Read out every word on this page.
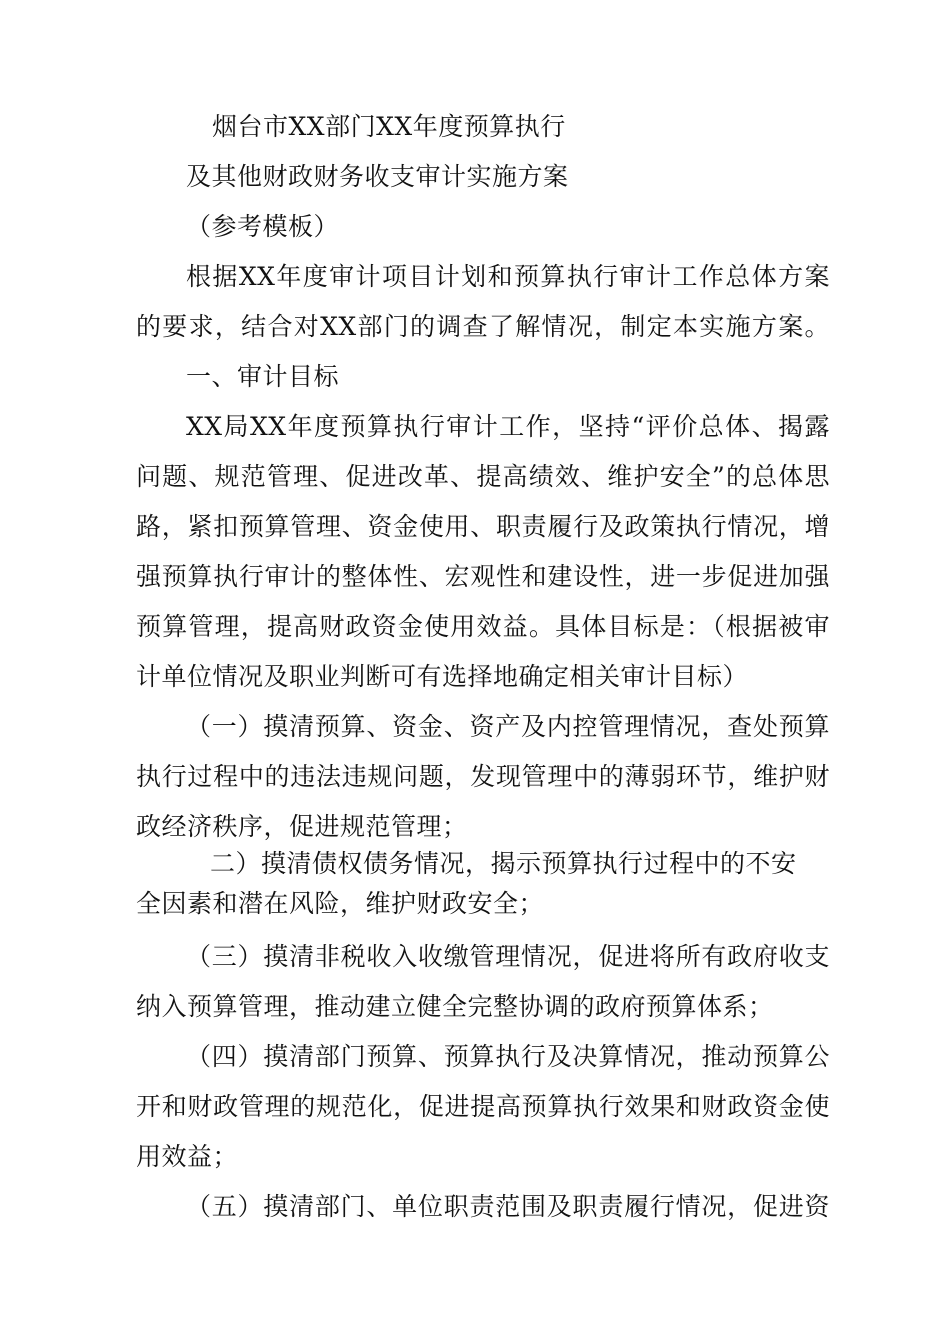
烟台市XX部门XX年度预算执行
及其他财政财务收支审计实施方案
（参考模板）
根据XX年度审计项目计划和预算执行审计工作总体方案
的要求，结合对XX部门的调查了解情况，制定本实施方案。
一、审计目标
XX局XX年度预算执行审计工作，坚持“评价总体、揭露
问题、规范管理、促进改革、提高绩效、维护安全”的总体思
路，紧扣预算管理、资金使用、职责履行及政策执行情况，增
强预算执行审计的整体性、宏观性和建设性，进一步促进加强
预算管理，提高财政资金使用效益。具体目标是：（根据被审
计单位情况及职业判断可有选择地确定相关审计目标）
（一）摸清预算、资金、资产及内控管理情况，查处预算
执行过程中的违法违规问题，发现管理中的薄弱环节，维护财
政经济秩序，促进规范管理；
二）摸清债权债务情况，揭示预算执行过程中的不安
全因素和潜在风险，维护财政安全；
（三）摸清非税收入收缴管理情况，促进将所有政府收支
纳入预算管理，推动建立健全完整协调的政府预算体系；
（四）摸清部门预算、预算执行及决算情况，推动预算公
开和财政管理的规范化，促进提高预算执行效果和财政资金使
用效益；
（五）摸清部门、单位职责范围及职责履行情况，促进资
